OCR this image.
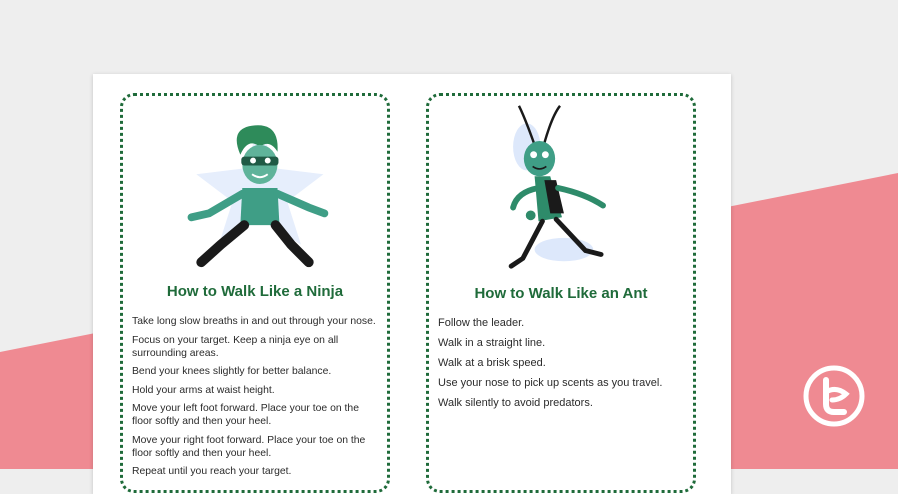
How to Walk Like a Ninja
Take long slow breaths in and out through your nose.
Focus on your target. Keep a ninja eye on all surrounding areas.
Bend your knees slightly for better balance.
Hold your arms at waist height.
Move your left foot forward. Place your toe on the floor softly and then your heel.
Move your right foot forward. Place your toe on the floor softly and then your heel.
Repeat until you reach your target.
How to Walk Like an Ant
Follow the leader.
Walk in a straight line.
Walk at a brisk speed.
Use your nose to pick up scents as you travel.
Walk silently to avoid predators.
